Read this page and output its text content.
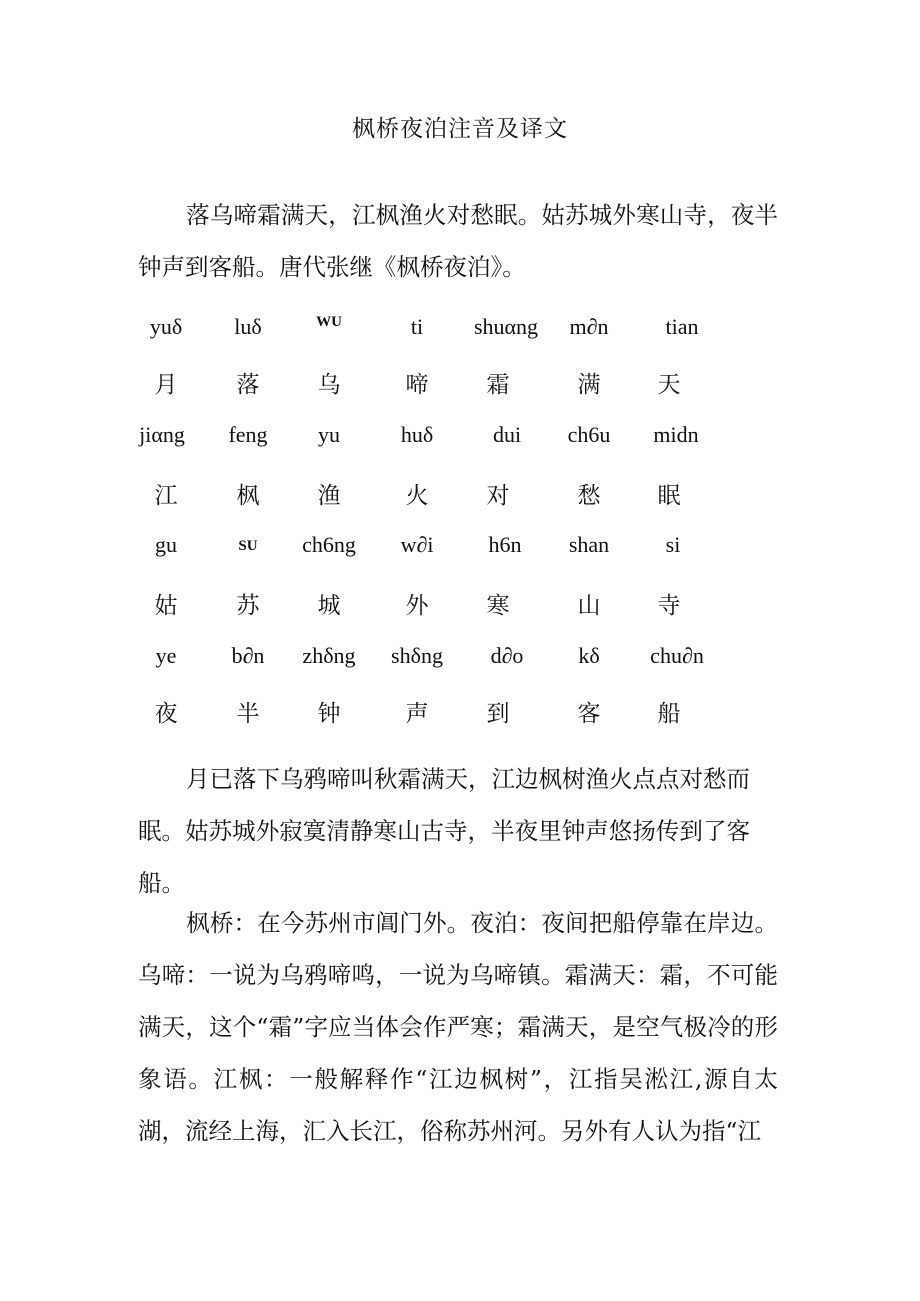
枫桥夜泊注音及译文
落乌啼霜满天，江枫渔火对愁眠。姑苏城外寒山寺，夜半钟声到客船。唐代张继《枫桥夜泊》。
yuδ luδ	WU	ti shuαng m∂n	tian
月	落	乌	啼	霜	满 天
jiαng feng yu	huδ	dui ch6u midn
江	枫	渔	火	对	愁 眠
gu	SU ch6ng w∂i	h6n shan	si
姑	苏	城	外	寒	山 寺
ye	b∂n zhδng shδng d∂o kδ chu∂n
夜	半	钟	声	到	客 船
月已落下乌鸦啼叫秋霜满天，江边枫树渔火点点对愁而眠。姑苏城外寂寞清静寒山古寺，半夜里钟声悠扬传到了客船。
枫桥：在今苏州市阊门外。夜泊：夜间把船停靠在岸边。乌啼：一说为乌鸦啼鸣，一说为乌啼镇。霜满天：霜，不可能满天，这个“霜”字应当体会作严寒；霜满天，是空气极冷的形象语。江枫：一般解释作“江边枫树”，江指吴淞江,源自太湖，流经上海，汇入长江，俗称苏州河。另外有人认为指“江
